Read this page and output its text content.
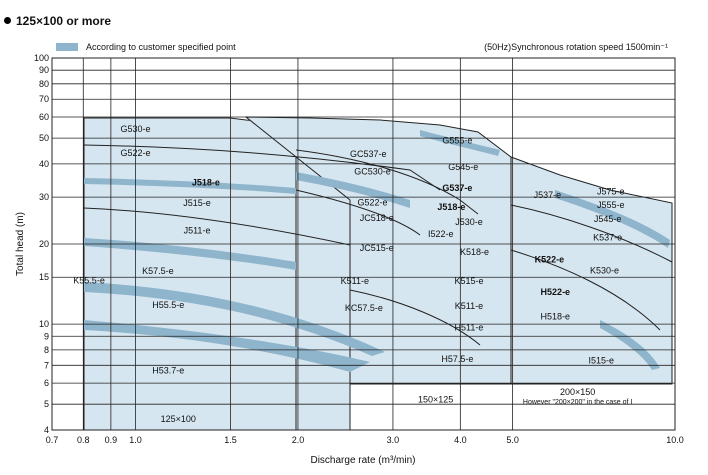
125×100 or more
According to customer specified point	(50Hz)Synchronous rotation speed 1500min⁻¹
4
5
6
7
8
9
10
15
20
30
40
50
60
70
80
90
100
0.7 0.8 0.9 1.0	1.5	2.0	3.0	4.0	5.0	10.0
G530-e
G522-e
J518-e
J515-e
J511-e
K57.5-e
K55.5-e
H55.5-e
H53.7-e
G555-e
GC537-e
G545-e
GC530-e
G537-e
G522-e	J518-e
JC518-e	J530-e
I522-e
JC515-e
K511-e
KC57.5-e
K518-e
K515-e
K511-e
H511-e
H57.5-e
J537-e	J575-e
J555-e
J545-e
K537-e
K522-e
K530-e
H522-e
H518-e
I515-e
125×100
150×125
200×150
However "200×200" in the case of I
Discharge rate (m³/min)
Total head (m)
